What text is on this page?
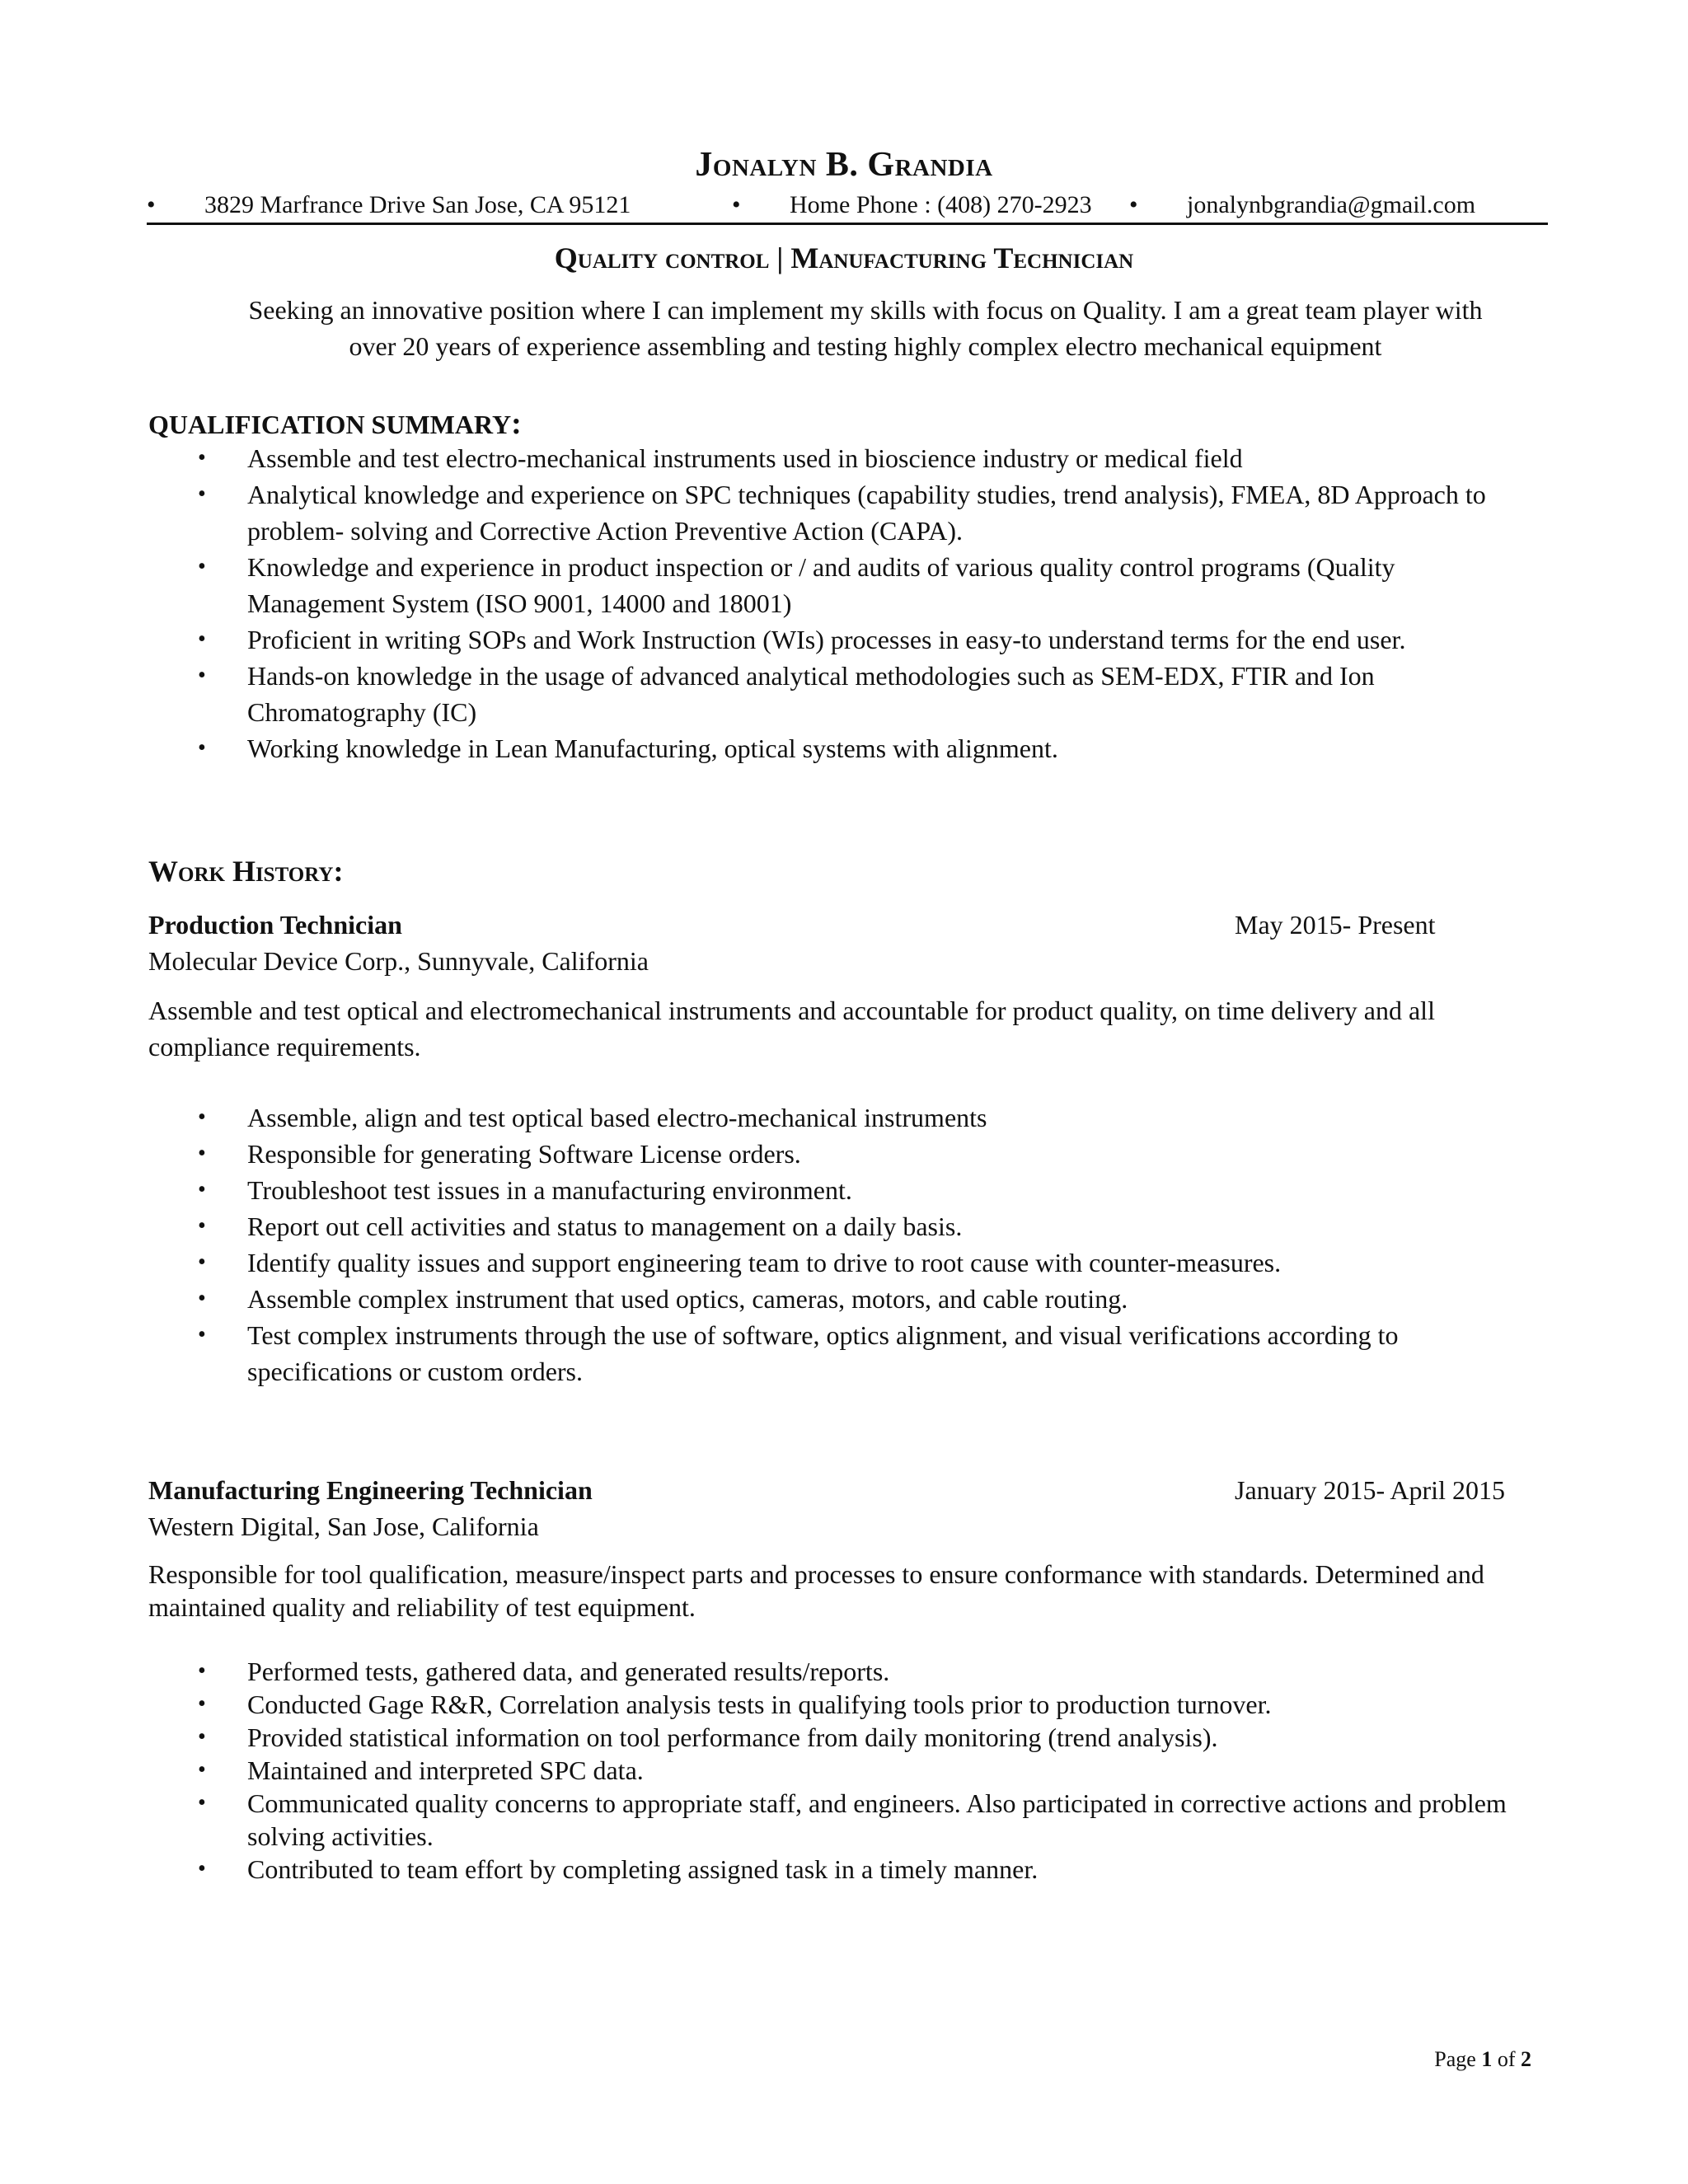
Jonalyn B. Grandia
• 3829 Marfrance Drive San Jose, CA 95121	• Home Phone : (408) 270-2923 • jonalynbgrandia@gmail.com
Quality control | Manufacturing Technician
Seeking an innovative position where I can implement my skills with focus on Quality. I am a great team player with over 20 years of experience assembling and testing highly complex electro mechanical equipment
QUALIFICATION SUMMARY:
• Assemble and test electro-mechanical instruments used in bioscience industry or medical field
• Analytical knowledge and experience on SPC techniques (capability studies, trend analysis), FMEA, 8D Approach to problem- solving and Corrective Action Preventive Action (CAPA).
• Knowledge and experience in product inspection or / and audits of various quality control programs (Quality Management System (ISO 9001, 14000 and 18001)
• Proficient in writing SOPs and Work Instruction (WIs) processes in easy-to understand terms for the end user.
• Hands-on knowledge in the usage of advanced analytical methodologies such as SEM-EDX, FTIR and Ion Chromatography (IC)
• Working knowledge in Lean Manufacturing, optical systems with alignment.
Work History:
Production Technician	May 2015- Present
Molecular Device Corp., Sunnyvale, California
Assemble and test optical and electromechanical instruments and accountable for product quality, on time delivery and all compliance requirements.
• Assemble, align and test optical based electro-mechanical instruments
• Responsible for generating Software License orders.
• Troubleshoot test issues in a manufacturing environment.
• Report out cell activities and status to management on a daily basis.
• Identify quality issues and support engineering team to drive to root cause with counter-measures.
• Assemble complex instrument that used optics, cameras, motors, and cable routing.
• Test complex instruments through the use of software, optics alignment, and visual verifications according to specifications or custom orders.
Manufacturing Engineering Technician	January 2015- April 2015
Western Digital, San Jose, California
Responsible for tool qualification, measure/inspect parts and processes to ensure conformance with standards. Determined and maintained quality and reliability of test equipment.
• Performed tests, gathered data, and generated results/reports.
• Conducted Gage R&R, Correlation analysis tests in qualifying tools prior to production turnover.
• Provided statistical information on tool performance from daily monitoring (trend analysis).
• Maintained and interpreted SPC data.
• Communicated quality concerns to appropriate staff, and engineers. Also participated in corrective actions and problem solving activities.
• Contributed to team effort by completing assigned task in a timely manner.
Page 1 of 2
